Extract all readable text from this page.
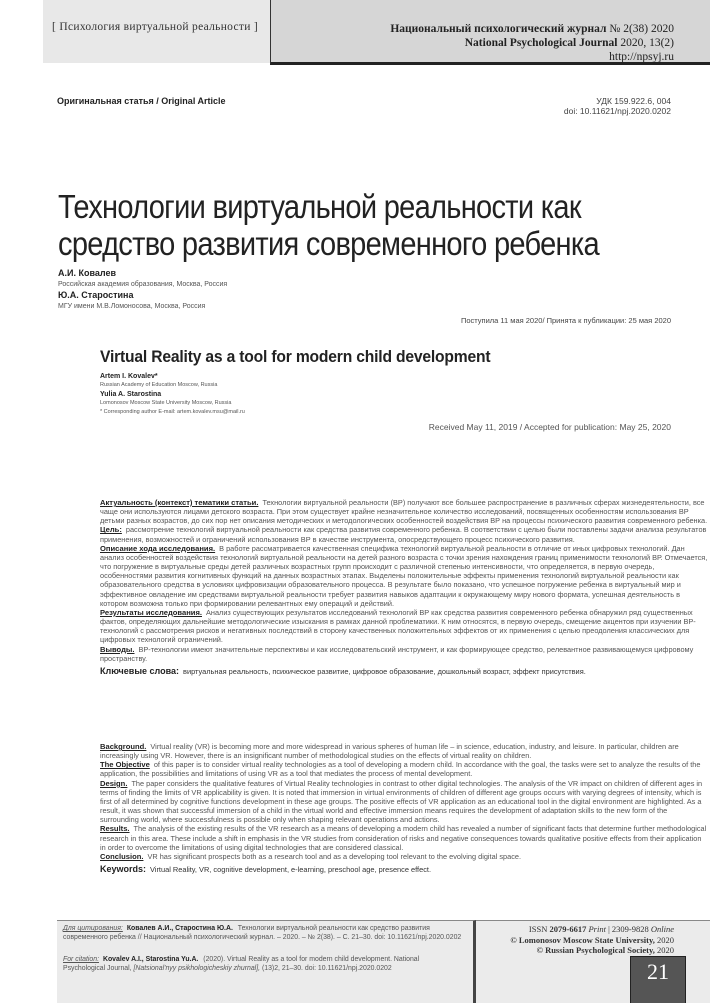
[ Психология виртуальной реальности ]	Национальный психологический журнал № 2(38) 2020
National Psychological Journal 2020, 13(2)
http://npsyj.ru
Оригинальная статья / Original Article	УДК 159.922.6, 004
doi: 10.11621/npj.2020.0202
Технологии виртуальной реальности как средство развития современного ребенка
А.И. Ковалев
Российская академия образования, Москва, Россия
Ю.А. Старостина
МГУ имени М.В.Ломоносова, Москва, Россия
Поступила 11 мая 2020/ Принята к публикации: 25 мая 2020
Virtual Reality as a tool for modern child development
Artem I. Kovalev*
Russian Academy of Education Moscow, Russia
Yulia A. Starostina
Lomonosov Moscow State University Moscow, Russia
* Corresponding author E-mail: artem.kovalev.msu@mail.ru
Received May 11, 2019 / Accepted for publication: May 25, 2020

Актуальность (контекст) тематики статьи. Технологии виртуальной реальности (ВР) получают все большее распространение в различных сферах жизнедеятельности, все чаще они используются лицами детского возраста. При этом существует крайне незначительное количество исследований, посвященных особенностям использования ВР детьми разных возрастов, до сих пор нет описания методических и методологических особенностей воздействия ВР на процессы психического развития современного ребенка.

Цель: рассмотрение технологий виртуальной реальности как средства развития современного ребенка. В соответствии с целью были поставлены задачи анализа результатов применения, возможностей и ограничений использования ВР в качестве инструмента, опосредствующего процесс психического развития.

Описание хода исследования. В работе рассматривается качественная специфика технологий виртуальной реальности в отличие от иных цифровых технологий. Дан анализ особенностей воздействия технологий виртуальной реальности на детей разного возраста с точки зрения нахождения границ применимости технологий ВР. Отмечается, что погружение в виртуальные среды детей различных возрастных групп происходит с различной степенью интенсивности, что определяется, в первую очередь, особенностями развития когнитивных функций на данных возрастных этапах. Выделены положительные эффекты применения технологий виртуальной реальности как образовательного средства в условиях цифровизации образовательного процесса. В результате было показано, что успешное погружение ребенка в виртуальный мир и эффективное овладение им средствами виртуальной реальности требует развития навыков адаптации к окружающему миру нового формата, успешная деятельность в котором возможна только при формировании релевантных ему операций и действий.

Результаты исследования. Анализ существующих результатов исследований технологий ВР как средства развития современного ребенка обнаружил ряд существенных фактов, определяющих дальнейшие методологические изыскания в рамках данной проблематики. К ним относятся, в первую очередь, смещение акцентов при изучении ВР-технологий с рассмотрения рисков и негативных последствий в сторону качественных положительных эффектов от их применения с целью преодоления классических для цифровых технологий ограничений.

Выводы. ВР-технологии имеют значительные перспективы и как исследовательский инструмент, и как формирующее средство, релевантное развивающемуся цифровому пространству.

Ключевые слова: виртуальная реальность, психическое развитие, цифровое образование, дошкольный возраст, эффект присутствия.

Background. Virtual reality (VR) is becoming more and more widespread in various spheres of human life – in science, education, industry, and leisure. In particular, children are increasingly using VR. However, there is an insignificant number of methodological studies on the effects of virtual reality on children.

The Objective of this paper is to consider virtual reality technologies as a tool of developing a modern child. In accordance with the goal, the tasks were set to analyze the results of the application, the possibilities and limitations of using VR as a tool that mediates the process of mental development.

Design. The paper considers the qualitative features of Virtual Reality technologies in contrast to other digital technologies. The analysis of the VR impact on children of different ages in terms of finding the limits of VR applicability is given. It is noted that immersion in virtual environments of children of different age groups occurs with varying degrees of intensity, which is first of all determined by cognitive functions development in these age groups. The positive effects of VR application as an educational tool in the digital environment are highlighted. As a result, it was shown that successful immersion of a child in the virtual world and effective immersion means requires the development of adaptation skills to the new form of the surrounding world, where successfulness is possible only when shaping relevant operations and actions.

Results. The analysis of the existing results of the VR research as a means of developing a modern child has revealed a number of significant facts that determine further methodological research in this area. These include a shift in emphasis in the VR studies from consideration of risks and negative consequences towards qualitative positive effects from their application in order to overcome the limitations of using digital technologies that are considered classical.

Conclusion. VR has significant prospects both as a research tool and as a developing tool relevant to the evolving digital space.

Keywords: Virtual Reality, VR, cognitive development, e-learning, preschool age, presence effect.

Для цитирования: Ковалев А.И., Старостина Ю.А. Технологии виртуальной реальности как средство развития современного ребенка // Национальный психологический журнал. – 2020. – № 2(38). – С. 21–30. doi: 10.11621/npj.2020.0202
For citation: Kovalev A.I., Starostina Yu.A. (2020). Virtual Reality as a tool for modern child development. National Psychological Journal, [Natsional'nyy psikhologicheskiy zhurnal], (13)2, 21–30. doi: 10.11621/npj.2020.0202
ISSN 2079-6617 Print | 2309-9828 Online
© Lomonosov Moscow State University, 2020
© Russian Psychological Society, 2020
21
